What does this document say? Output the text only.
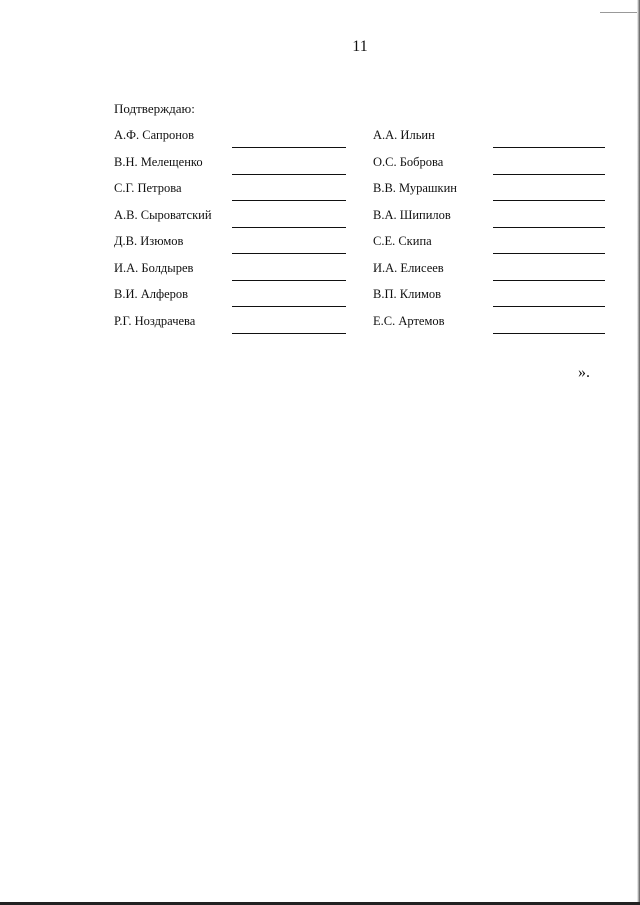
11
Подтверждаю:
А.Ф. Сапронов
В.Н. Мелещенко
С.Г. Петрова
А.В. Сыроватский
Д.В. Изюмов
И.А. Болдырев
В.И. Алферов
Р.Г. Ноздрачева
А.А. Ильин
О.С. Боброва
В.В. Мурашкин
В.А. Шипилов
С.Е. Скипа
И.А. Елисеев
В.П. Климов
Е.С. Артемов
».
